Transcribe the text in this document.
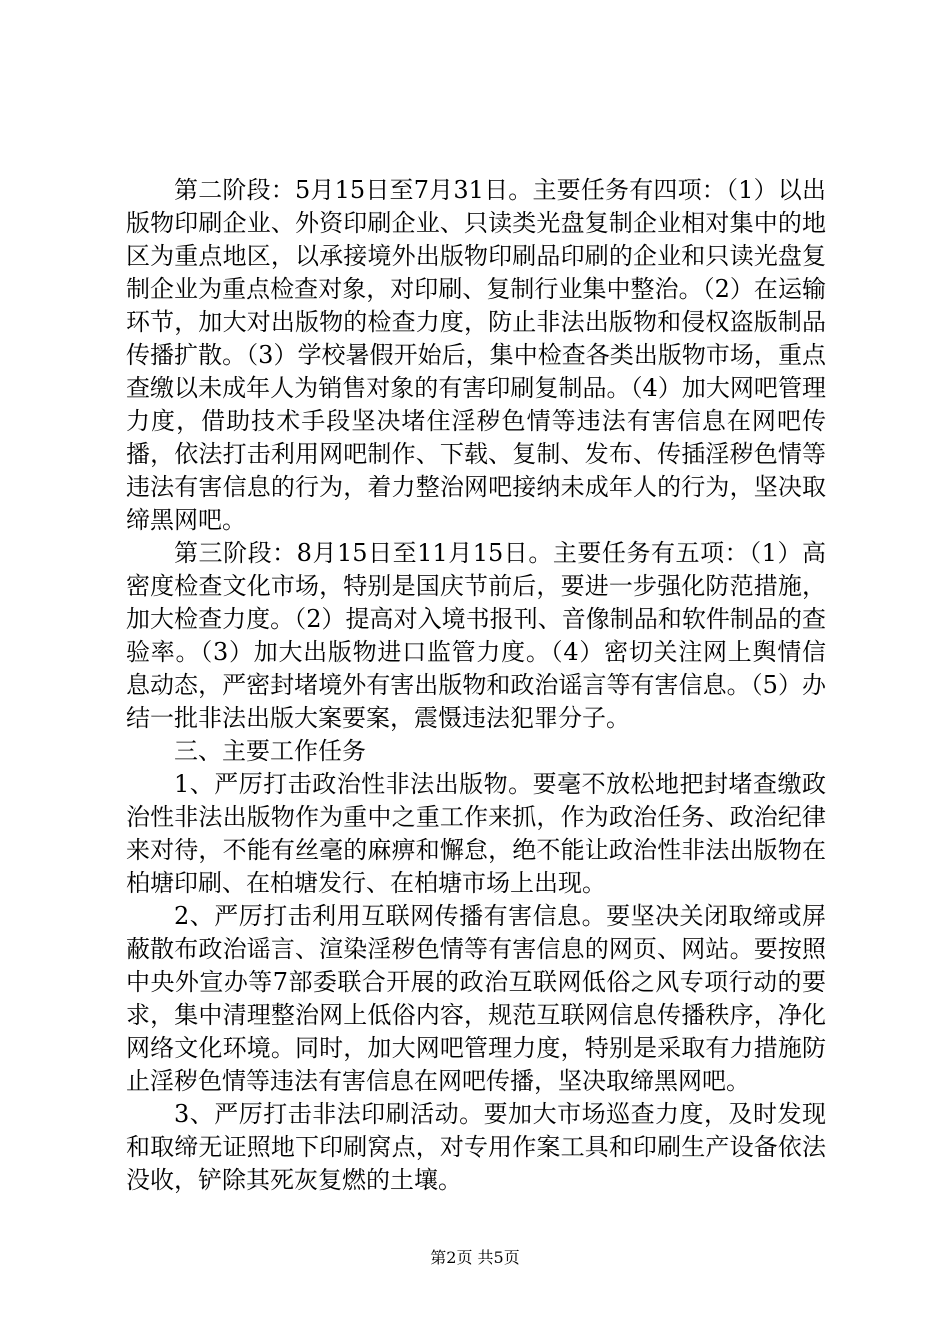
第二阶段：5月15日至7月31日。主要任务有四项：（1）以出版物印刷企业、外资印刷企业、只读类光盘复制企业相对集中的地区为重点地区，以承接境外出版物印刷品印刷的企业和只读光盘复制企业为重点检查对象，对印刷、复制行业集中整治。（2）在运输环节，加大对出版物的检查力度，防止非法出版物和侵权盗版制品传播扩散。（3）学校暑假开始后，集中检查各类出版物市场，重点查缴以未成年人为销售对象的有害印刷复制品。（4）加大网吧管理力度，借助技术手段坚决堵住淫秽色情等违法有害信息在网吧传播，依法打击利用网吧制作、下载、复制、发布、传插淫秽色情等违法有害信息的行为，着力整治网吧接纳未成年人的行为，坚决取缔黑网吧。

第三阶段：8月15日至11月15日。主要任务有五项：（1）高密度检查文化市场，特别是国庆节前后，要进一步强化防范措施，加大检查力度。（2）提高对入境书报刊、音像制品和软件制品的查验率。（3）加大出版物进口监管力度。（4）密切关注网上舆情信息动态，严密封堵境外有害出版物和政治谣言等有害信息。（5）办结一批非法出版大案要案，震慑违法犯罪分子。

三、主要工作任务

1、严厉打击政治性非法出版物。要毫不放松地把封堵查缴政治性非法出版物作为重中之重工作来抓，作为政治任务、政治纪律来对待，不能有丝毫的麻痹和懈怠，绝不能让政治性非法出版物在柏塘印刷、在柏塘发行、在柏塘市场上出现。

2、严厉打击利用互联网传播有害信息。要坚决关闭取缔或屏蔽散布政治谣言、渲染淫秽色情等有害信息的网页、网站。要按照中央外宣办等7部委联合开展的政治互联网低俗之风专项行动的要求，集中清理整治网上低俗内容，规范互联网信息传播秩序，净化网络文化环境。同时，加大网吧管理力度，特别是采取有力措施防止淫秽色情等违法有害信息在网吧传播，坚决取缔黑网吧。

3、严厉打击非法印刷活动。要加大市场巡查力度，及时发现和取缔无证照地下印刷窝点，对专用作案工具和印刷生产设备依法没收，铲除其死灰复燃的土壤。

第2页 共5页
